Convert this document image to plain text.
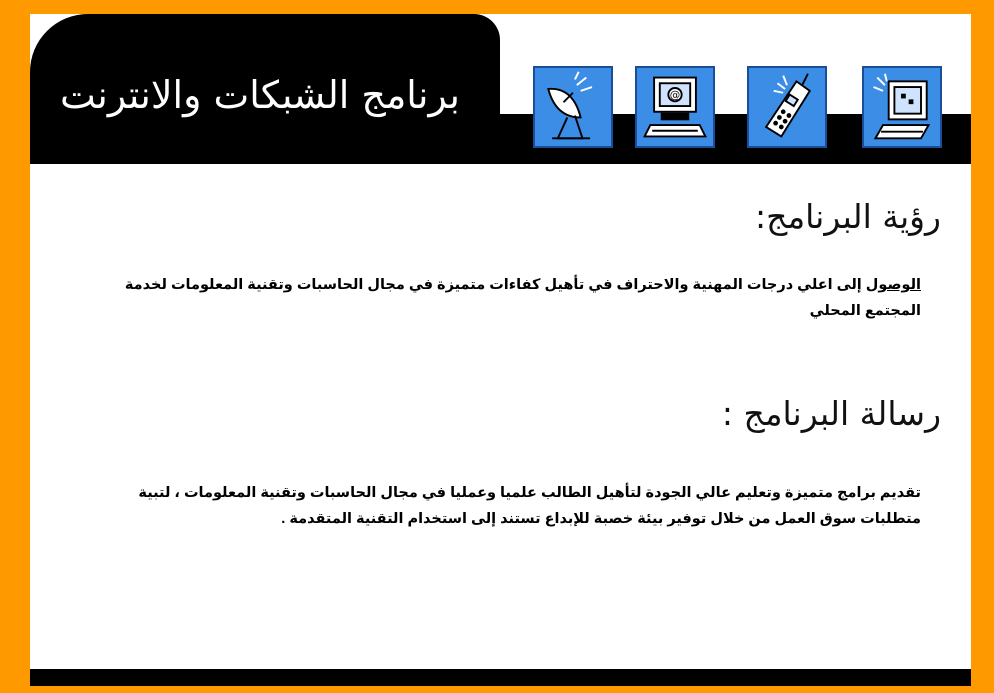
برنامج الشبكات والانترنت	@
رؤية البرنامج:
الوصول إلى اعلي درجات المهنية والاحتراف في تأهيل كفاءات متميزة في مجال الحاسبات وتقنية المعلومات لخدمة المجتمع المحلي
رسالة البرنامج :
تقديم برامج متميزة وتعليم عالي الجودة لتأهيل الطالب علميا وعمليا في مجال الحاسبات وتقنية المعلومات ، لتبية متطلبات سوق العمل من خلال توفير بيئة خصبة للإبداع تستند إلى استخدام التقنية المتقدمة .
